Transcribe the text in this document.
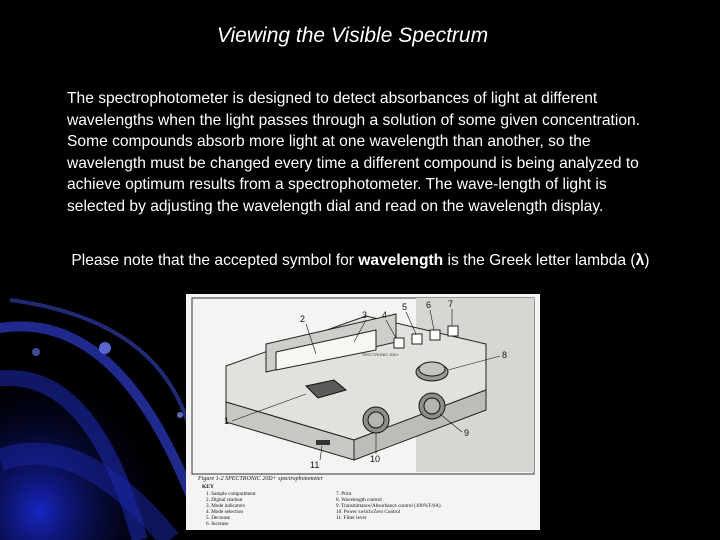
Viewing the Visible Spectrum

The spectrophotometer is designed to detect absorbances of light at different wavelengths when the light passes through a solution of some given concentration. Some compounds absorb more light at one wavelength than another, so the wavelength must be changed every time a different compound is being analyzed to achieve optimum results from a spectrophotometer. The wave-length of light is selected by adjusting the wavelength dial and read on the wavelength display.

Please note that the accepted symbol for wavelength is the Greek letter lambda (λ)

SPECTRONIC 20D+
1
2	3 4
5 6 7
8
9
10
11
Figure 1-2 SPECTRONIC 20D+ spectrophotometer
KEY
1. Sample compartment
2. Digital readout
3. Mode indicators
4. Mode selection
5. Decrease
6. Increase
7. Print
8. Wavelength control
9. Transmittance/Absorbance control (100%T/0A)
10. Power switch/Zero Control
11. Filter lever
